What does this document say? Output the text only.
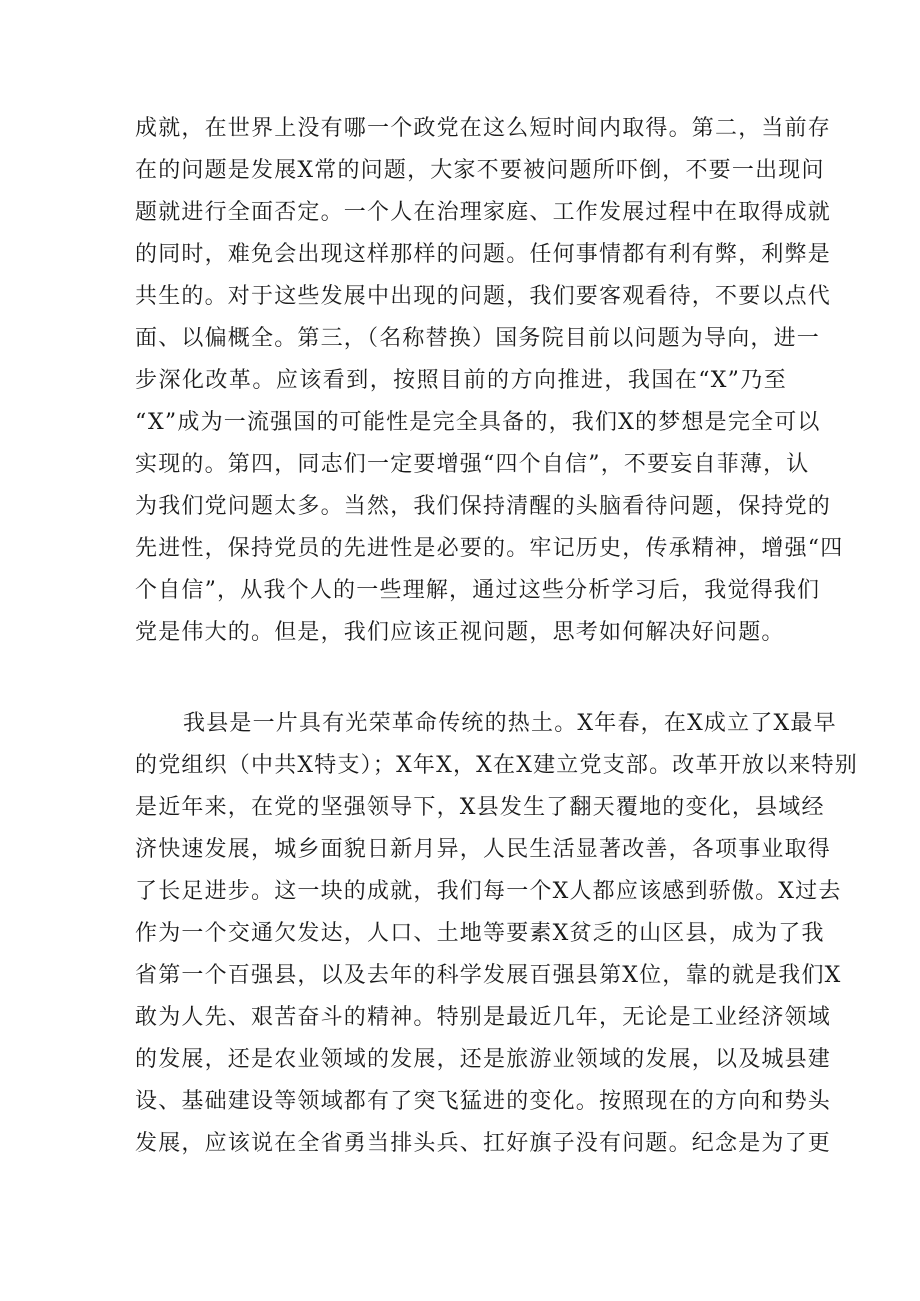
成就，在世界上没有哪一个政党在这么短时间内取得。第二，当前存
在的问题是发展X常的问题，大家不要被问题所吓倒，不要一出现问
题就进行全面否定。一个人在治理家庭、工作发展过程中在取得成就
的同时，难免会出现这样那样的问题。任何事情都有利有弊，利弊是
共生的。对于这些发展中出现的问题，我们要客观看待，不要以点代
面、以偏概全。第三，（名称替换）国务院目前以问题为导向，进一
步深化改革。应该看到，按照目前的方向推进，我国在“X”乃至
“X”成为一流强国的可能性是完全具备的，我们X的梦想是完全可以
实现的。第四，同志们一定要增强“四个自信”，不要妄自菲薄，认
为我们党问题太多。当然，我们保持清醒的头脑看待问题，保持党的
先进性，保持党员的先进性是必要的。牢记历史，传承精神，增强“四
个自信”，从我个人的一些理解，通过这些分析学习后，我觉得我们
党是伟大的。但是，我们应该正视问题，思考如何解决好问题。
我县是一片具有光荣革命传统的热土。X年春，在X成立了X最早
的党组织（中共X特支）；X年X，X在X建立党支部。改革开放以来特别
是近年来，在党的坚强领导下，X县发生了翻天覆地的变化，县域经
济快速发展，城乡面貌日新月异，人民生活显著改善，各项事业取得
了长足进步。这一块的成就，我们每一个X人都应该感到骄傲。X过去
作为一个交通欠发达，人口、土地等要素X贫乏的山区县，成为了我
省第一个百强县，以及去年的科学发展百强县第X位，靠的就是我们X
敢为人先、艰苦奋斗的精神。特别是最近几年，无论是工业经济领域
的发展，还是农业领域的发展，还是旅游业领域的发展，以及城县建
设、基础建设等领域都有了突飞猛进的变化。按照现在的方向和势头
发展，应该说在全省勇当排头兵、扛好旗子没有问题。纪念是为了更
